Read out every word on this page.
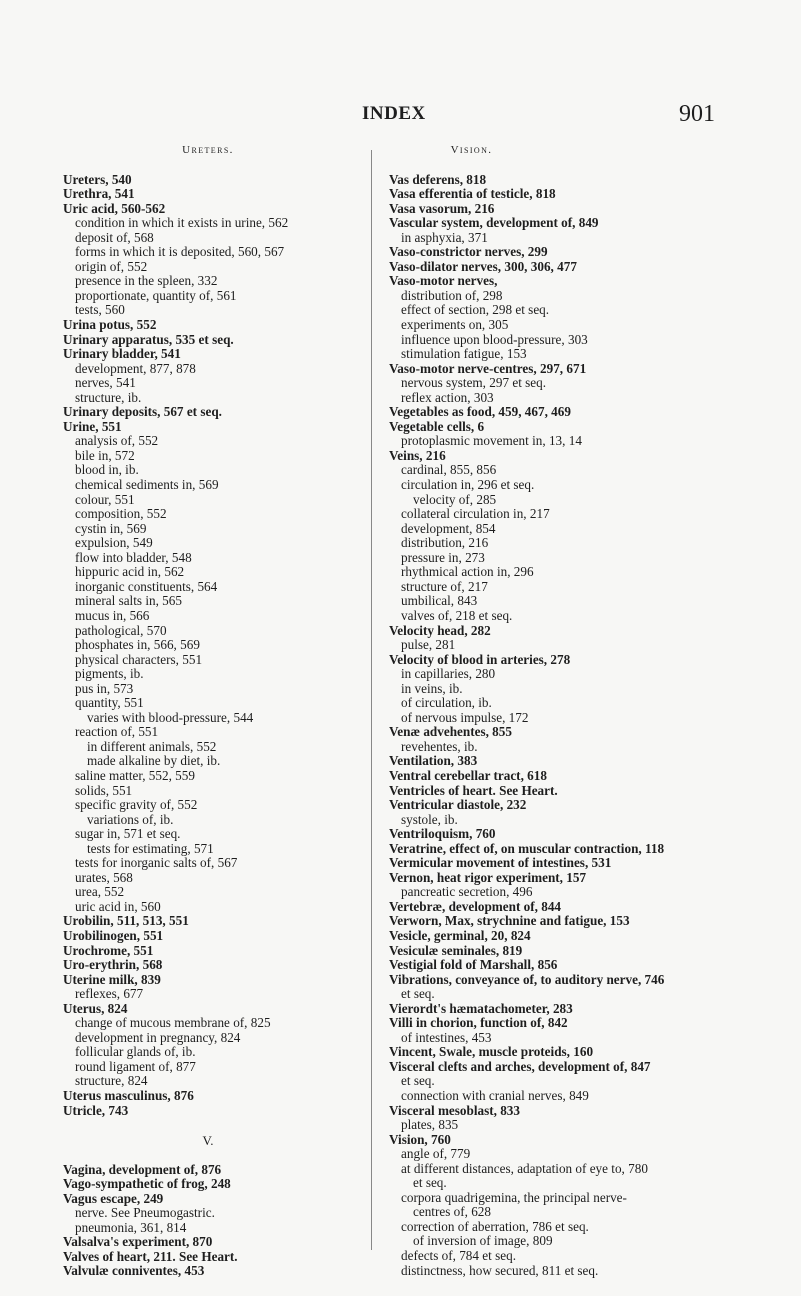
INDEX	901
Ureters.
Ureters, 540
Urethra, 541
Uric acid, 560-562
condition in which it exists in urine, 562
deposit of, 568
forms in which it is deposited, 560, 567
origin of, 552
presence in the spleen, 332
proportionate, quantity of, 561
tests, 560
Urina potus, 552
Urinary apparatus, 535 et seq.
Urinary bladder, 541
development, 877, 878
nerves, 541
structure, ib.
Urinary deposits, 567 et seq.
Urine, 551
analysis of, 552
bile in, 572
blood in, ib.
chemical sediments in, 569
colour, 551
composition, 552
cystin in, 569
expulsion, 549
flow into bladder, 548
hippuric acid in, 562
inorganic constituents, 564
mineral salts in, 565
mucus in, 566
pathological, 570
phosphates in, 566, 569
physical characters, 551
pigments, ib.
pus in, 573
quantity, 551
varies with blood-pressure, 544
reaction of, 551
in different animals, 552
made alkaline by diet, ib.
saline matter, 552, 559
solids, 551
specific gravity of, 552
variations of, ib.
sugar in, 571 et seq.
tests for estimating, 571
tests for inorganic salts of, 567
urates, 568
urea, 552
uric acid in, 560
Urobilin, 511, 513, 551
Urobilinogen, 551
Urochrome, 551
Uro-erythrin, 568
Uterine milk, 839
reflexes, 677
Uterus, 824
change of mucous membrane of, 825
development in pregnancy, 824
follicular glands of, ib.
round ligament of, 877
structure, 824
Uterus masculinus, 876
Utricle, 743
V.
Vagina, development of, 876
Vago-sympathetic of frog, 248
Vagus escape, 249
nerve. See Pneumogastric.
pneumonia, 361, 814
Valsalva's experiment, 870
Valves of heart, 211. See Heart.
Valvulæ conniventes, 453
Vision.
Vas deferens, 818
Vasa efferentia of testicle, 818
Vasa vasorum, 216
Vascular system, development of, 849
in asphyxia, 371
Vaso-constrictor nerves, 299
Vaso-dilator nerves, 300, 306, 477
Vaso-motor nerves,
distribution of, 298
effect of section, 298 et seq.
experiments on, 305
influence upon blood-pressure, 303
stimulation fatigue, 153
Vaso-motor nerve-centres, 297, 671
nervous system, 297 et seq.
reflex action, 303
Vegetables as food, 459, 467, 469
Vegetable cells, 6
protoplasmic movement in, 13, 14
Veins, 216
cardinal, 855, 856
circulation in, 296 et seq.
velocity of, 285
collateral circulation in, 217
development, 854
distribution, 216
pressure in, 273
rhythmical action in, 296
structure of, 217
umbilical, 843
valves of, 218 et seq.
Velocity head, 282
pulse, 281
Velocity of blood in arteries, 278
in capillaries, 280
in veins, ib.
of circulation, ib.
of nervous impulse, 172
Venæ advehentes, 855
revehentes, ib.
Ventilation, 383
Ventral cerebellar tract, 618
Ventricles of heart. See Heart.
Ventricular diastole, 232
systole, ib.
Ventriloquism, 760
Veratrine, effect of, on muscular contraction, 118
Vermicular movement of intestines, 531
Vernon, heat rigor experiment, 157
pancreatic secretion, 496
Vertebræ, development of, 844
Verworn, Max, strychnine and fatigue, 153
Vesicle, germinal, 20, 824
Vesiculæ seminales, 819
Vestigial fold of Marshall, 856
Vibrations, conveyance of, to auditory nerve, 746
et seq.
Vierordt's hæmatachometer, 283
Villi in chorion, function of, 842
of intestines, 453
Vincent, Swale, muscle proteids, 160
Visceral clefts and arches, development of, 847
et seq.
connection with cranial nerves, 849
Visceral mesoblast, 833
plates, 835
Vision, 760
angle of, 779
at different distances, adaptation of eye to, 780
et seq.
corpora quadrigemina, the principal nerve-
centres of, 628
correction of aberration, 786 et seq.
of inversion of image, 809
defects of, 784 et seq.
distinctness, how secured, 811 et seq.
